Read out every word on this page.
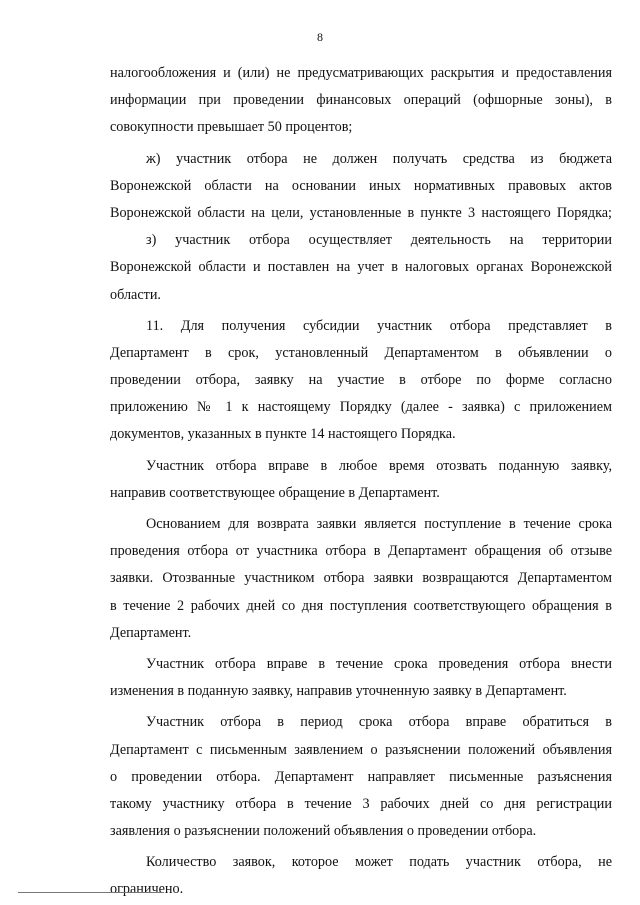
8
налогообложения и (или) не предусматривающих раскрытия и предоставления
информации при проведении финансовых операций (офшорные зоны), в
совокупности превышает 50 процентов;
ж) участник отбора не должен получать средства из бюджета
Воронежской области на основании иных нормативных правовых актов
Воронежской области на цели, установленные в пункте 3 настоящего Порядка;
з) участник отбора осуществляет деятельность на территории
Воронежской области и поставлен на учет в налоговых органах Воронежской
области.
11. Для получения субсидии участник отбора представляет в
Департамент в срок, установленный Департаментом в объявлении о
проведении отбора, заявку на участие в отборе по форме согласно
приложению № 1 к настоящему Порядку (далее - заявка) с приложением
документов, указанных в пункте 14 настоящего Порядка.
Участник отбора вправе в любое время отозвать поданную заявку,
направив соответствующее обращение в Департамент.
Основанием для возврата заявки является поступление в течение срока
проведения отбора от участника отбора в Департамент обращения об отзыве
заявки. Отозванные участником отбора заявки возвращаются Департаментом
в течение 2 рабочих дней со дня поступления соответствующего обращения в
Департамент.
Участник отбора вправе в течение срока проведения отбора внести
изменения в поданную заявку, направив уточненную заявку в Департамент.
Участник отбора в период срока отбора вправе обратиться в
Департамент с письменным заявлением о разъяснении положений объявления
о проведении отбора. Департамент направляет письменные разъяснения
такому участнику отбора в течение 3 рабочих дней со дня регистрации
заявления о разъяснении положений объявления о проведении отбора.
Количество заявок, которое может подать участник отбора, не
ограничено.
